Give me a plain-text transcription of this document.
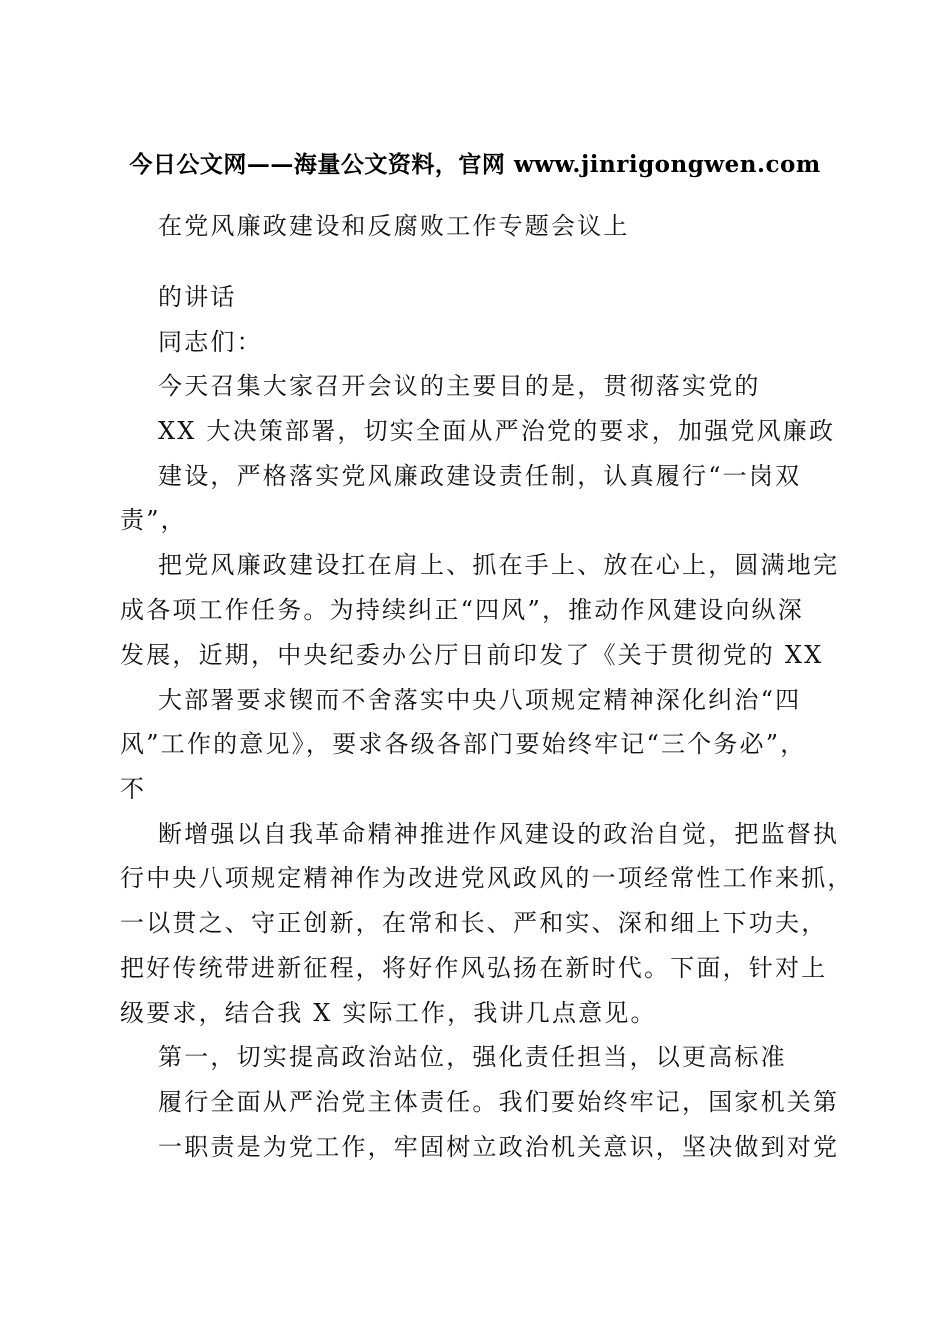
今日公文网——海量公文资料，官网 www.jinrigongwen.com
在党风廉政建设和反腐败工作专题会议上
的讲话
同志们：
今天召集大家召开会议的主要目的是，贯彻落实党的
XX 大决策部署，切实全面从严治党的要求，加强党风廉政
建设，严格落实党风廉政建设责任制，认真履行“一岗双
责”，
把党风廉政建设扛在肩上、抓在手上、放在心上，圆满地完
成各项工作任务。为持续纠正“四风”，推动作风建设向纵深
发展，近期，中央纪委办公厅日前印发了《关于贯彻党的 XX
大部署要求锲而不舍落实中央八项规定精神深化纠治“四
风”工作的意见》，要求各级各部门要始终牢记“三个务必”，
不
断增强以自我革命精神推进作风建设的政治自觉，把监督执
行中央八项规定精神作为改进党风政风的一项经常性工作来抓，
一以贯之、守正创新，在常和长、严和实、深和细上下功夫，
把好传统带进新征程，将好作风弘扬在新时代。下面，针对上
级要求，结合我 X 实际工作，我讲几点意见。
第一，切实提高政治站位，强化责任担当，以更高标准
履行全面从严治党主体责任。我们要始终牢记，国家机关第
一职责是为党工作，牢固树立政治机关意识，坚决做到对党
